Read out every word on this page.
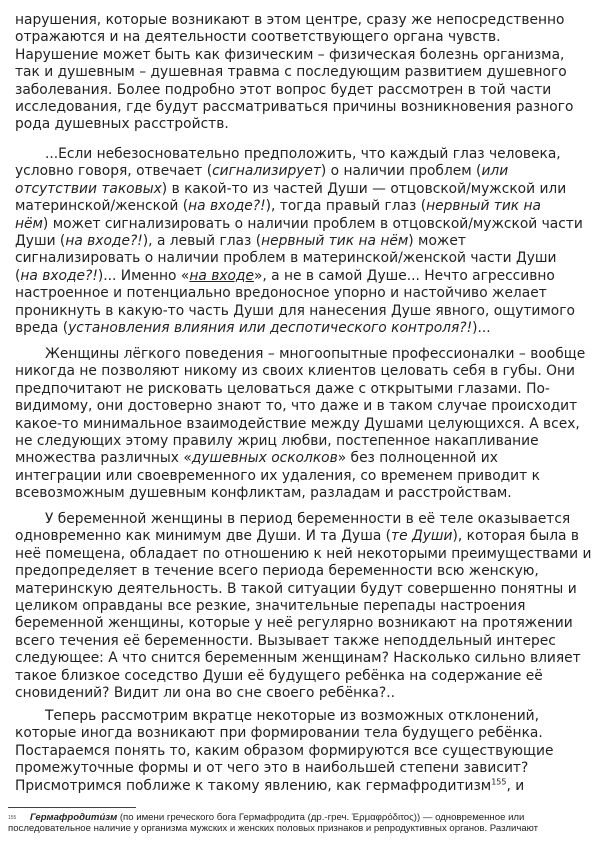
нарушения, которые возникают в этом центре, сразу же непосредственно
отражаются и на деятельности соответствующего органа чувств.
Нарушение может быть как физическим – физическая болезнь организма,
так и душевным – душевная травма с последующим развитием душевного
заболевания. Более подробно этот вопрос будет рассмотрен в той части
исследования, где будут рассматриваться причины возникновения разного
рода душевных расстройств.
...Если небезосновательно предположить, что каждый глаз человека,
условно говоря, отвечает (сигнализирует) о наличии проблем (или
отсутствии таковых) в какой-то из частей Души — отцовской/мужской или
материнской/женской (на входе?!), тогда правый глаз (нервный тик на
нём) может сигнализировать о наличии проблем в отцовской/мужской части
Души (на входе?!), а левый глаз (нервный тик на нём) может
сигнализировать о наличии проблем в материнской/женской части Души
(на входе?!)... Именно «на входе», а не в самой Душе... Нечто агрессивно
настроенное и потенциально вредоносное упорно и настойчиво желает
проникнуть в какую-то часть Души для нанесения Душе явного, ощутимого
вреда (установления влияния или деспотического контроля?!)...
Женщины лёгкого поведения – многоопытные профессионалки – вообще
никогда не позволяют никому из своих клиентов целовать себя в губы. Они
предпочитают не рисковать целоваться даже с открытыми глазами. По-
видимому, они достоверно знают то, что даже и в таком случае происходит
какое-то минимальное взаимодействие между Душами целующихся. А всех,
не следующих этому правилу жриц любви, постепенное накапливание
множества различных «душевных осколков» без полноценной их
интеграции или своевременного их удаления, со временем приводит к
всевозможным душевным конфликтам, разладам и расстройствам.
У беременной женщины в период беременности в её теле оказывается
одновременно как минимум две Души. И та Душа (те Души), которая была в
неё помещена, обладает по отношению к ней некоторыми преимуществами и
предопределяет в течение всего периода беременности всю женскую,
материнскую деятельность. В такой ситуации будут совершенно понятны и
целиком оправданы все резкие, значительные перепады настроения
беременной женщины, которые у неё регулярно возникают на протяжении
всего течения её беременности. Вызывает также неподдельный интерес
следующее: А что снится беременным женщинам? Насколько сильно влияет
такое близкое соседство Души её будущего ребёнка на содержание её
сновидений? Видит ли она во сне своего ребёнка?..
Теперь рассмотрим вкратце некоторые из возможных отклонений,
которые иногда возникают при формировании тела будущего ребёнка.
Постараемся понять то, каким образом формируются все существующие
промежуточные формы и от чего это в наибольшей степени зависит?
Присмотримся поближе к такому явлению, как гермафродитизм$^{155}$, и
155 Гермафродити́зм (по имени греческого бога Гермафродита (др.-греч. Ἑρμαφρόδιτος)) — одновременное или
последовательное наличие у организма мужских и женских половых признаков и репродуктивных органов. Различают
